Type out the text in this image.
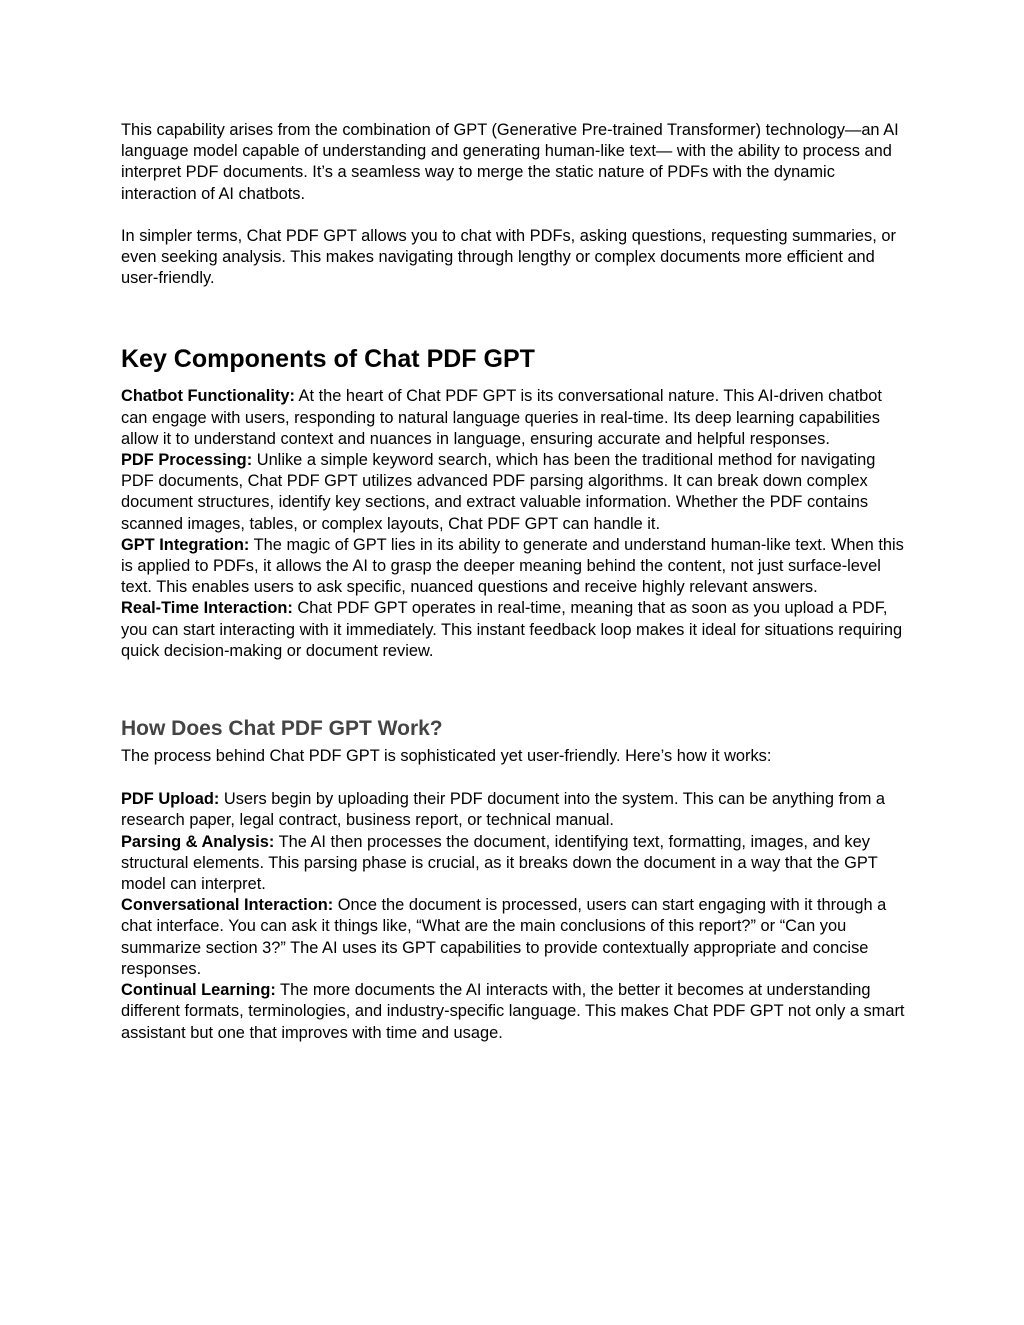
This capability arises from the combination of GPT (Generative Pre-trained Transformer) technology—an AI language model capable of understanding and generating human-like text— with the ability to process and interpret PDF documents. It’s a seamless way to merge the static nature of PDFs with the dynamic interaction of AI chatbots.

In simpler terms, Chat PDF GPT allows you to chat with PDFs, asking questions, requesting summaries, or even seeking analysis. This makes navigating through lengthy or complex documents more efficient and user-friendly.

Key Components of Chat PDF GPT

Chatbot Functionality: At the heart of Chat PDF GPT is its conversational nature. This AI-driven chatbot can engage with users, responding to natural language queries in real-time. Its deep learning capabilities allow it to understand context and nuances in language, ensuring accurate and helpful responses.

PDF Processing: Unlike a simple keyword search, which has been the traditional method for navigating PDF documents, Chat PDF GPT utilizes advanced PDF parsing algorithms. It can break down complex document structures, identify key sections, and extract valuable information. Whether the PDF contains scanned images, tables, or complex layouts, Chat PDF GPT can handle it.

GPT Integration: The magic of GPT lies in its ability to generate and understand human-like text. When this is applied to PDFs, it allows the AI to grasp the deeper meaning behind the content, not just surface-level text. This enables users to ask specific, nuanced questions and receive highly relevant answers.

Real-Time Interaction: Chat PDF GPT operates in real-time, meaning that as soon as you upload a PDF, you can start interacting with it immediately. This instant feedback loop makes it ideal for situations requiring quick decision-making or document review.

How Does Chat PDF GPT Work?

The process behind Chat PDF GPT is sophisticated yet user-friendly. Here’s how it works:

PDF Upload: Users begin by uploading their PDF document into the system. This can be anything from a research paper, legal contract, business report, or technical manual.

Parsing & Analysis: The AI then processes the document, identifying text, formatting, images, and key structural elements. This parsing phase is crucial, as it breaks down the document in a way that the GPT model can interpret.

Conversational Interaction: Once the document is processed, users can start engaging with it through a chat interface. You can ask it things like, “What are the main conclusions of this report?” or “Can you summarize section 3?” The AI uses its GPT capabilities to provide contextually appropriate and concise responses.

Continual Learning: The more documents the AI interacts with, the better it becomes at understanding different formats, terminologies, and industry-specific language. This makes Chat PDF GPT not only a smart assistant but one that improves with time and usage.
